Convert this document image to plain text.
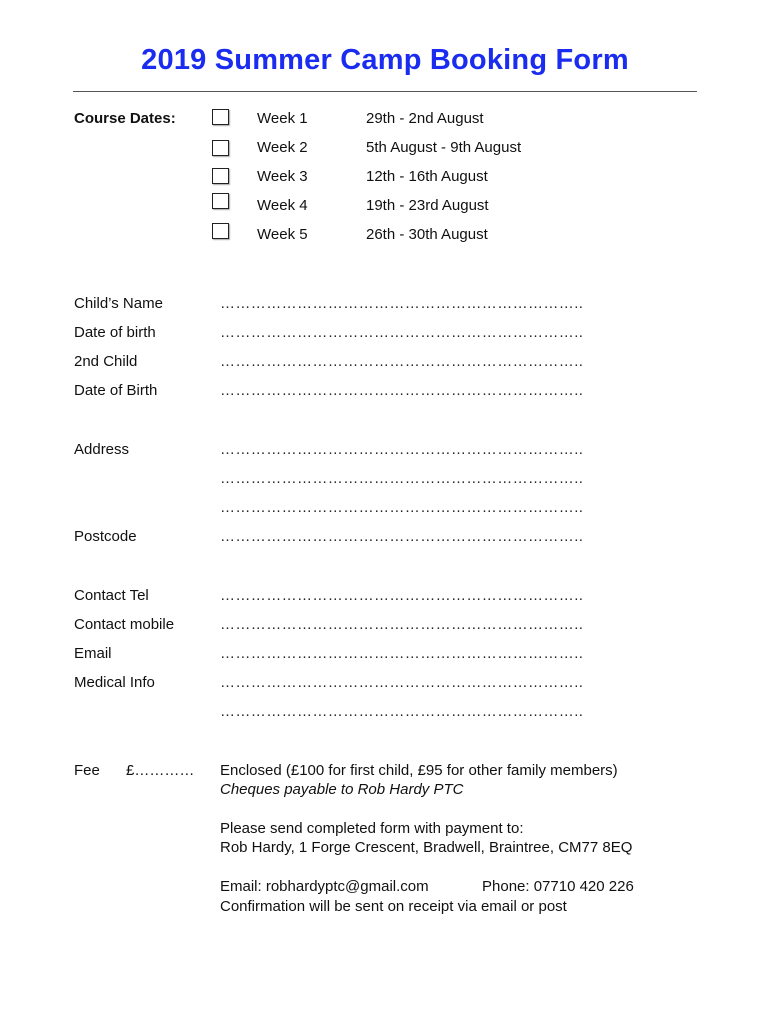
2019 Summer Camp Booking Form
Course Dates:	Week 1	29th - 2nd August
Week 2	5th August - 9th August
Week 3	12th - 16th August
Week 4	19th - 23rd August
Week 5	26th - 30th August
Child’s Name	……………………………………………………………..
Date of birth	……………………………………………………………..
2nd Child	……………………………………………………………..
Date of Birth	……………………………………………………………..
Address	……………………………………………………………..
……………………………………………………………..
……………………………………………………………..
Postcode	……………………………………………………………..
Contact Tel	……………………………………………………………..
Contact mobile	……………………………………………………………..
Email	……………………………………………………………..
Medical Info	……………………………………………………………..
……………………………………………………………..
Fee £………… Enclosed (£100 for first child, £95 for other family members)
Cheques payable to Rob Hardy PTC
Please send completed form with payment to:
Rob Hardy, 1 Forge Crescent, Bradwell, Braintree, CM77 8EQ
Email: robhardyptc@gmail.com	Phone: 07710 420 226
Confirmation will be sent on receipt via email or post
